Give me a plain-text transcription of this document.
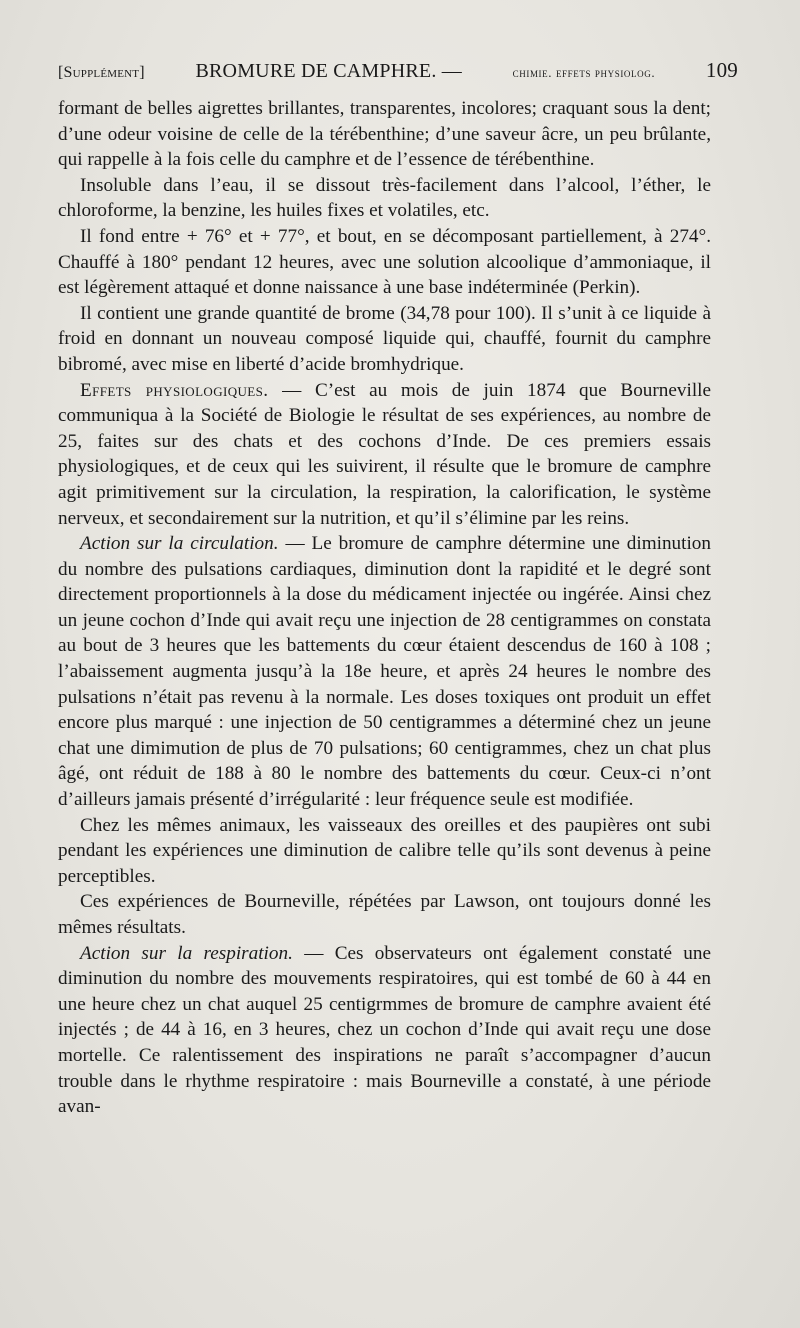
[Supplément]	BROMURE DE CAMPHRE. —	chimie. effets physiolog. 109

formant de belles aigrettes brillantes, transparentes, incolores; craquant sous la dent; d’une odeur voisine de celle de la térébenthine; d’une saveur âcre, un peu brûlante, qui rappelle à la fois celle du camphre et de l’essence de térébenthine.

Insoluble dans l’eau, il se dissout très-facilement dans l’alcool, l’éther, le chloroforme, la benzine, les huiles fixes et volatiles, etc.

Il fond entre + 76° et + 77°, et bout, en se décomposant partiellement, à 274°. Chauffé à 180° pendant 12 heures, avec une solution alcoolique d’ammoniaque, il est légèrement attaqué et donne naissance à une base indéterminée (Perkin).

Il contient une grande quantité de brome (34,78 pour 100). Il s’unit à ce liquide à froid en donnant un nouveau composé liquide qui, chauffé, fournit du camphre bibromé, avec mise en liberté d’acide bromhydrique.

Effets physiologiques. — C’est au mois de juin 1874 que Bourneville communiqua à la Société de Biologie le résultat de ses expériences, au nombre de 25, faites sur des chats et des cochons d’Inde. De ces premiers essais physiologiques, et de ceux qui les suivirent, il résulte que le bromure de camphre agit primitivement sur la circulation, la respiration, la calorification, le système nerveux, et secondairement sur la nutrition, et qu’il s’élimine par les reins.

Action sur la circulation. — Le bromure de camphre détermine une diminution du nombre des pulsations cardiaques, diminution dont la rapidité et le degré sont directement proportionnels à la dose du médicament injectée ou ingérée. Ainsi chez un jeune cochon d’Inde qui avait reçu une injection de 28 centigrammes on constata au bout de 3 heures que les battements du cœur étaient descendus de 160 à 108 ; l’abaissement augmenta jusqu’à la 18e heure, et après 24 heures le nombre des pulsations n’était pas revenu à la normale. Les doses toxiques ont produit un effet encore plus marqué : une injection de 50 centigrammes a déterminé chez un jeune chat une dimimution de plus de 70 pulsations; 60 centigrammes, chez un chat plus âgé, ont réduit de 188 à 80 le nombre des battements du cœur. Ceux-ci n’ont d’ailleurs jamais présenté d’irrégularité : leur fréquence seule est modifiée.

Chez les mêmes animaux, les vaisseaux des oreilles et des paupières ont subi pendant les expériences une diminution de calibre telle qu’ils sont devenus à peine perceptibles.

Ces expériences de Bourneville, répétées par Lawson, ont toujours donné les mêmes résultats.

Action sur la respiration. — Ces observateurs ont également constaté une diminution du nombre des mouvements respiratoires, qui est tombé de 60 à 44 en une heure chez un chat auquel 25 centigrmmes de bromure de camphre avaient été injectés ; de 44 à 16, en 3 heures, chez un cochon d’Inde qui avait reçu une dose mortelle. Ce ralentissement des inspirations ne paraît s’accompagner d’aucun trouble dans le rhythme respiratoire : mais Bourneville a constaté, à une période avan-
